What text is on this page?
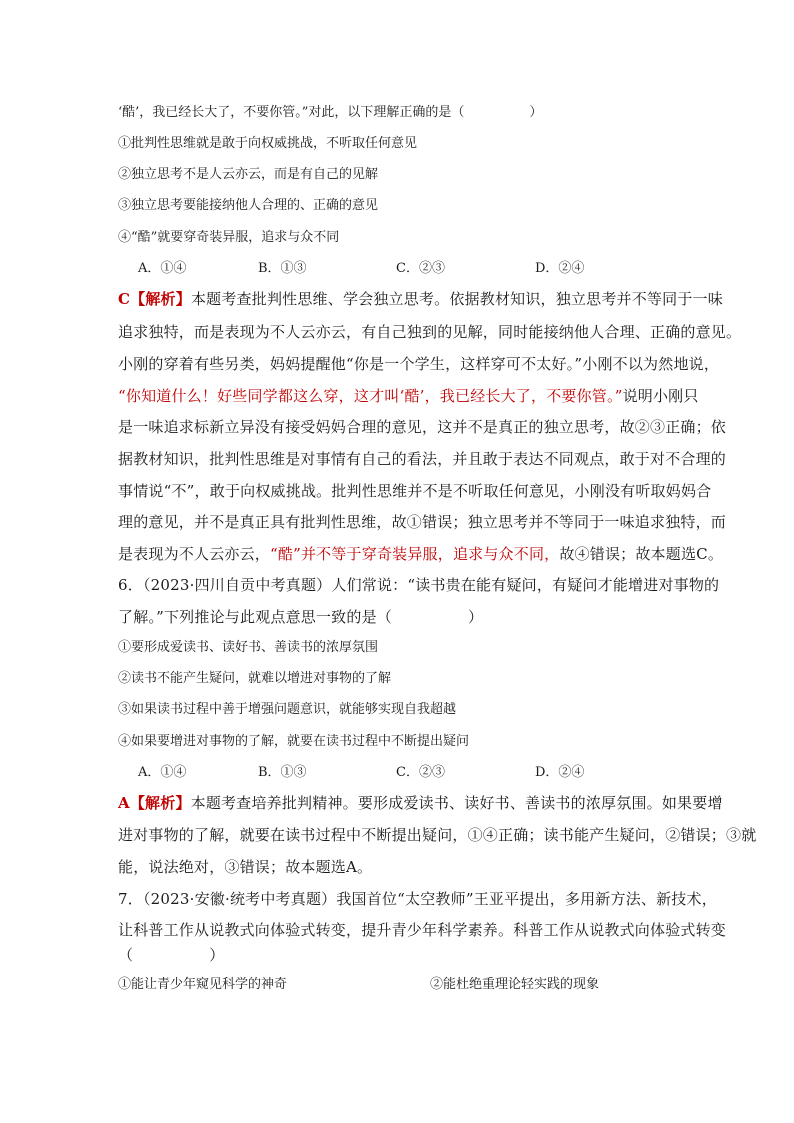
‘酷’，我已经长大了，不要你管。”对此，以下理解正确的是（　　　　　）
①批判性思维就是敢于向权威挑战，不听取任何意见
②独立思考不是人云亦云，而是有自己的见解
③独立思考要能接纳他人合理的、正确的意见
④“酷”就要穿奇装异服，追求与众不同
A．①④	B．①③	C．②③	D．②④
C【解析】本题考查批判性思维、学会独立思考。依据教材知识，独立思考并不等同于一味
追求独特，而是表现为不人云亦云，有自己独到的见解，同时能接纳他人合理、正确的意见。
小刚的穿着有些另类，妈妈提醒他“你是一个学生，这样穿可不太好。”小刚不以为然地说，
“你知道什么！好些同学都这么穿，这才叫‘酷’，我已经长大了，不要你管。”说明小刚只
是一味追求标新立异没有接受妈妈合理的意见，这并不是真正的独立思考，故②③正确；依
据教材知识，批判性思维是对事情有自己的看法，并且敢于表达不同观点，敢于对不合理的
事情说“不”，敢于向权威挑战。批判性思维并不是不听取任何意见，小刚没有听取妈妈合
理的意见，并不是真正具有批判性思维，故①错误；独立思考并不等同于一味追求独特，而
是表现为不人云亦云，“酷”并不等于穿奇装异服，追求与众不同，故④错误；故本题选C。
6．（2023·四川自贡中考真题）人们常说：“读书贵在能有疑问，有疑问才能增进对事物的
了解。”下列推论与此观点意思一致的是（　　　　　）
①要形成爱读书、读好书、善读书的浓厚氛围
②读书不能产生疑问，就难以增进对事物的了解
③如果读书过程中善于增强问题意识，就能够实现自我超越
④如果要增进对事物的了解，就要在读书过程中不断提出疑问
A．①④	B．①③	C．②③	D．②④
A【解析】本题考查培养批判精神。要形成爱读书、读好书、善读书的浓厚氛围。如果要增
进对事物的了解，就要在读书过程中不断提出疑问，①④正确；读书能产生疑问，②错误；③就
能，说法绝对，③错误；故本题选A。
7．（2023·安徽·统考中考真题）我国首位“太空教师”王亚平提出，多用新方法、新技术，
让科普工作从说教式向体验式转变，提升青少年科学素养。科普工作从说教式向体验式转变
（　　　　　）
①能让青少年窥见科学的神奇	②能杜绝重理论轻实践的现象
